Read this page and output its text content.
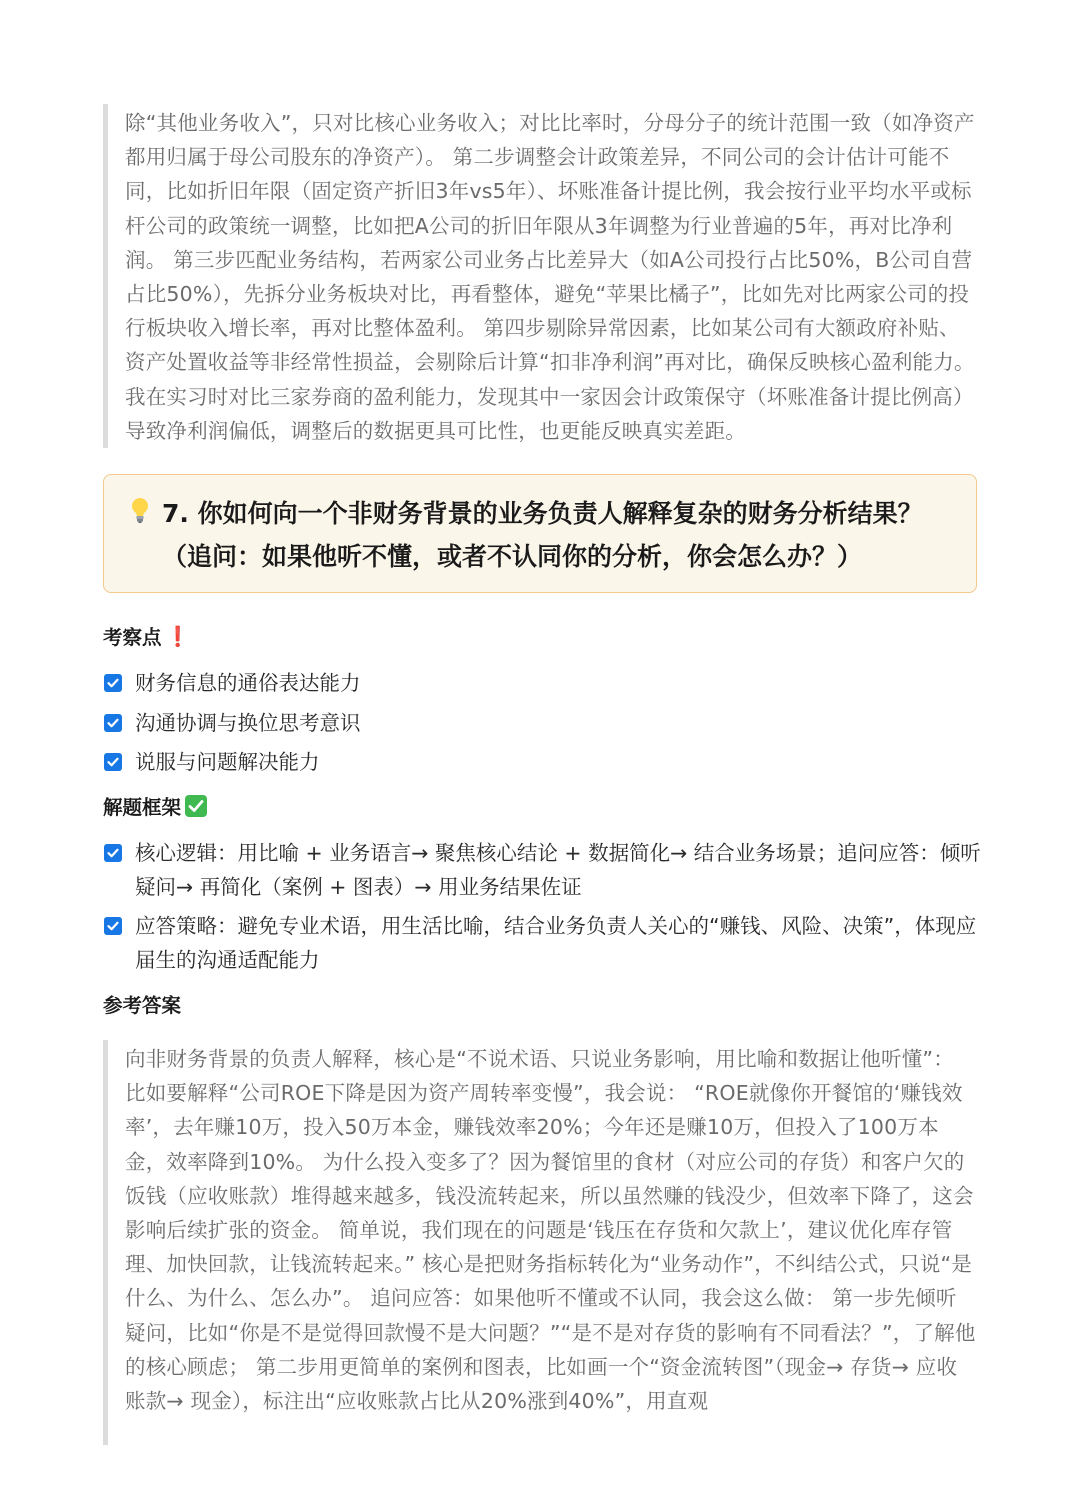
除“其他业务收入”，只对比核心业务收入；对比比率时，分母分子的统计范围一致（如净资产都用归属于母公司股东的净资产）。 第二步调整会计政策差异，不同公司的会计估计可能不同，比如折旧年限（固定资产折旧3年vs5年）、坏账准备计提比例，我会按行业平均水平或标杆公司的政策统一调整，比如把A公司的折旧年限从3年调整为行业普遍的5年，再对比净利润。 第三步匹配业务结构，若两家公司业务占比差异大（如A公司投行占比50%，B公司自营占比50%），先拆分业务板块对比，再看整体，避免“苹果比橘子”，比如先对比两家公司的投行板块收入增长率，再对比整体盈利。 第四步剔除异常因素，比如某公司有大额政府补贴、资产处置收益等非经常性损益，会剔除后计算“扣非净利润”再对比，确保反映核心盈利能力。 我在实习时对比三家券商的盈利能力，发现其中一家因会计政策保守（坏账准备计提比例高）导致净利润偏低，调整后的数据更具可比性，也更能反映真实差距。

7. 你如何向一个非财务背景的业务负责人解释复杂的财务分析结果？（追问：如果他听不懂，或者不认同你的分析，你会怎么办？）
考察点 ❗
财务信息的通俗表达能力
沟通协调与换位思考意识
说服与问题解决能力
解题框架
核心逻辑：用比喻 + 业务语言→ 聚焦核心结论 + 数据简化→ 结合业务场景；追问应答：倾听疑问→ 再简化（案例 + 图表）→ 用业务结果佐证
应答策略：避免专业术语，用生活比喻，结合业务负责人关心的“赚钱、风险、决策”，体现应届生的沟通适配能力
参考答案

向非财务背景的负责人解释，核心是“不说术语、只说业务影响，用比喻和数据让他听懂”： 比如要解释“公司ROE下降是因为资产周转率变慢”，我会说： “ROE就像你开餐馆的‘赚钱效率’，去年赚10万，投入50万本金，赚钱效率20%；今年还是赚10万，但投入了100万本金，效率降到10%。 为什么投入变多了？因为餐馆里的食材（对应公司的存货）和客户欠的饭钱（应收账款）堆得越来越多，钱没流转起来，所以虽然赚的钱没少，但效率下降了，这会影响后续扩张的资金。 简单说，我们现在的问题是‘钱压在存货和欠款上’，建议优化库存管理、加快回款，让钱流转起来。” 核心是把财务指标转化为“业务动作”，不纠结公式，只说“是什么、为什么、怎么办”。 追问应答：如果他听不懂或不认同，我会这么做： 第一步先倾听疑问，比如“你是不是觉得回款慢不是大问题？”“是不是对存货的影响有不同看法？”，了解他的核心顾虑； 第二步用更简单的案例和图表，比如画一个“资金流转图”（现金→ 存货→ 应收账款→ 现金），标注出“应收账款占比从20%涨到40%”，用直观
